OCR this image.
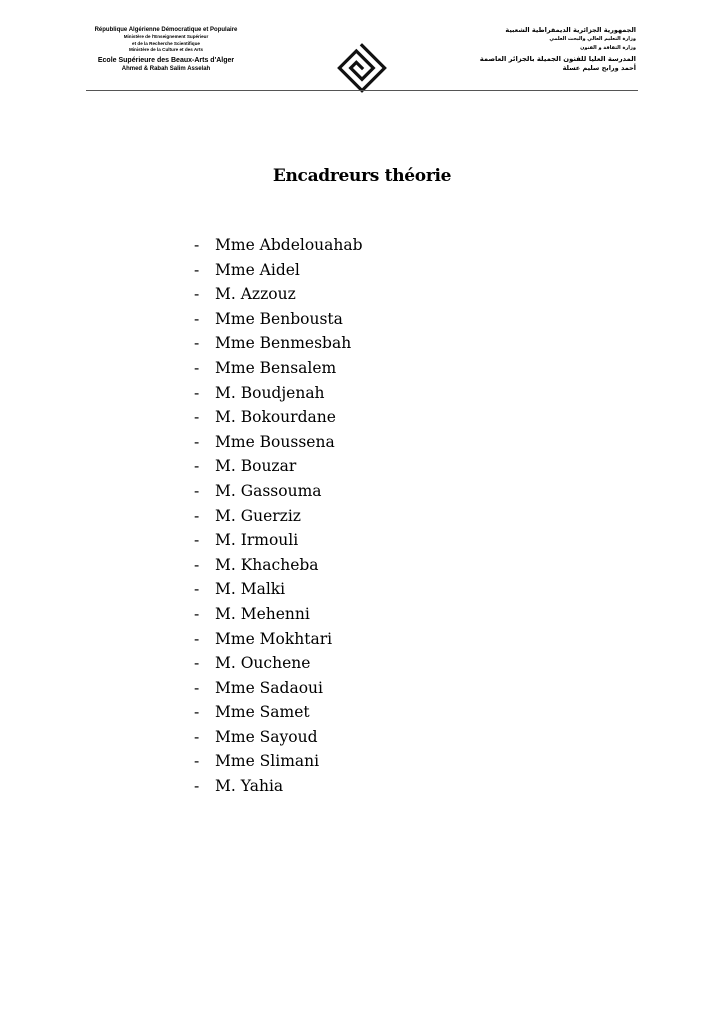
République Algérienne Démocratique et Populaire
Ministère de l'Enseignement Supérieur
et de la Recherche Scientifique
Ministère de la Culture et des Arts
Ecole Supérieure des Beaux-Arts d'Alger
Ahmed & Rabah Salim Asselah
الجمهورية الجزائرية الديمقراطية الشعبية
وزارة التعليم العالي والبحث العلمي
وزارة الثقافة و الفنون
المدرسة العليا للفنون الجميلة بالجزائر العاصمة
أحمد ورابح سليم عسلة
Encadreurs théorie
- Mme Abdelouahab
- Mme Aidel
- M. Azzouz
- Mme Benbousta
- Mme Benmesbah
- Mme Bensalem
- M. Boudjenah
- M. Bokourdane
- Mme Boussena
- M. Bouzar
- M. Gassouma
- M. Guerziz
- M. Irmouli
- M. Khacheba
- M. Malki
- M. Mehenni
- Mme Mokhtari
- M. Ouchene
- Mme Sadaoui
- Mme Samet
- Mme Sayoud
- Mme Slimani
- M. Yahia
